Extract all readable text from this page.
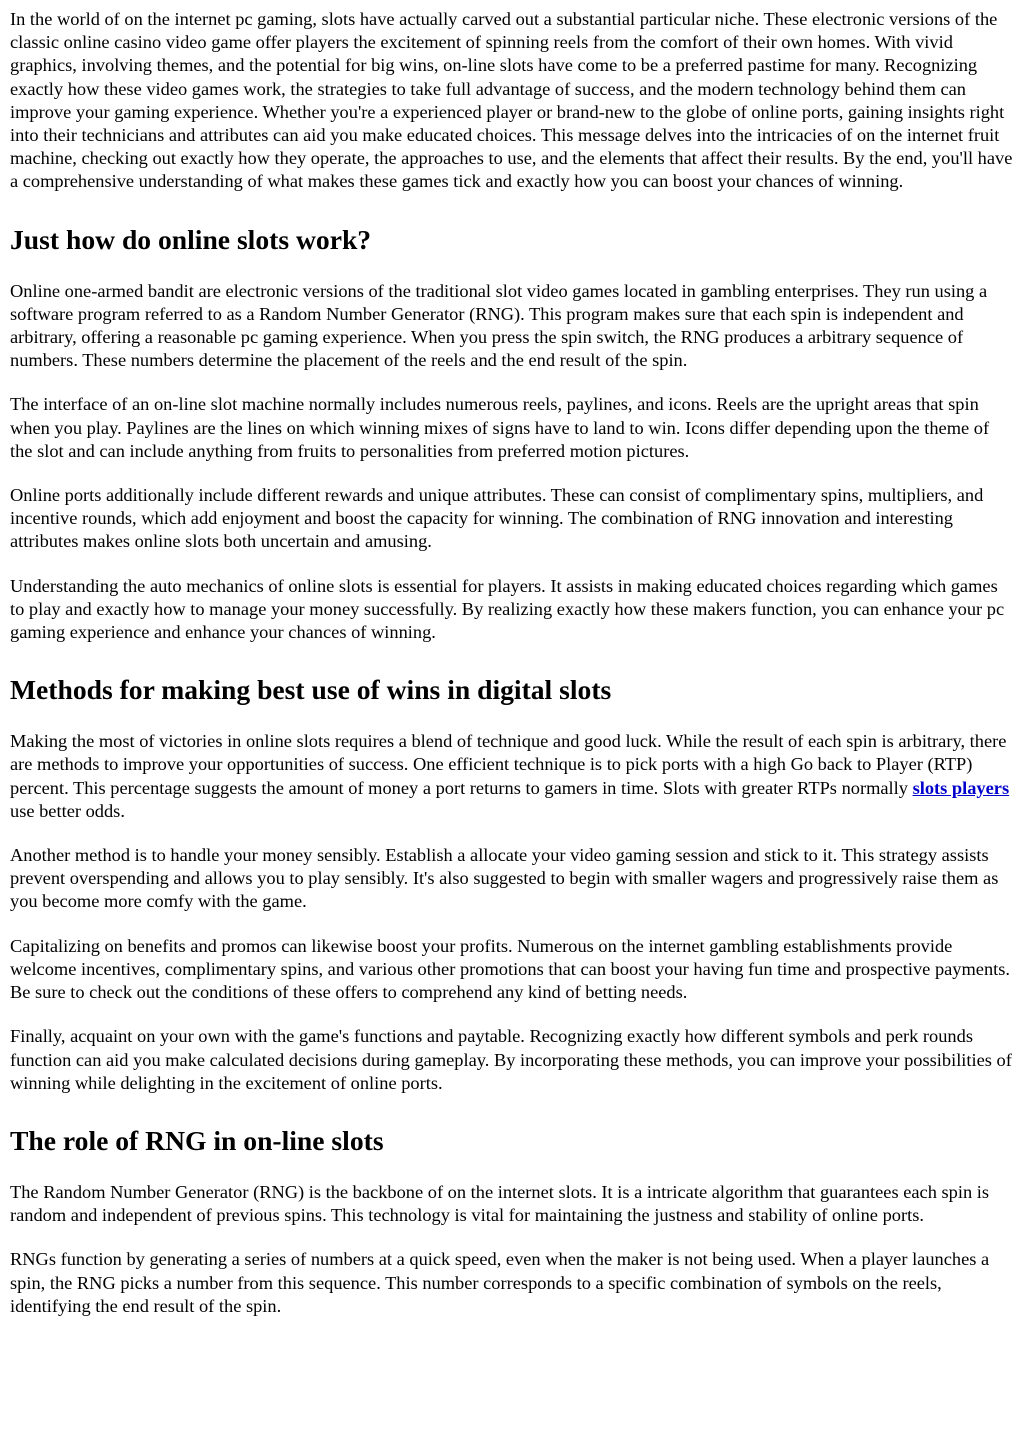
In the world of on the internet pc gaming, slots have actually carved out a substantial particular niche. These electronic versions of the classic online casino video game offer players the excitement of spinning reels from the comfort of their own homes. With vivid graphics, involving themes, and the potential for big wins, on-line slots have come to be a preferred pastime for many. Recognizing exactly how these video games work, the strategies to take full advantage of success, and the modern technology behind them can improve your gaming experience. Whether you're a experienced player or brand-new to the globe of online ports, gaining insights right into their technicians and attributes can aid you make educated choices. This message delves into the intricacies of on the internet fruit machine, checking out exactly how they operate, the approaches to use, and the elements that affect their results. By the end, you'll have a comprehensive understanding of what makes these games tick and exactly how you can boost your chances of winning.

Just how do online slots work?

Online one-armed bandit are electronic versions of the traditional slot video games located in gambling enterprises. They run using a software program referred to as a Random Number Generator (RNG). This program makes sure that each spin is independent and arbitrary, offering a reasonable pc gaming experience. When you press the spin switch, the RNG produces a arbitrary sequence of numbers. These numbers determine the placement of the reels and the end result of the spin.

The interface of an on-line slot machine normally includes numerous reels, paylines, and icons. Reels are the upright areas that spin when you play. Paylines are the lines on which winning mixes of signs have to land to win. Icons differ depending upon the theme of the slot and can include anything from fruits to personalities from preferred motion pictures.

Online ports additionally include different rewards and unique attributes. These can consist of complimentary spins, multipliers, and incentive rounds, which add enjoyment and boost the capacity for winning. The combination of RNG innovation and interesting attributes makes online slots both uncertain and amusing.

Understanding the auto mechanics of online slots is essential for players. It assists in making educated choices regarding which games to play and exactly how to manage your money successfully. By realizing exactly how these makers function, you can enhance your pc gaming experience and enhance your chances of winning.

Methods for making best use of wins in digital slots

Making the most of victories in online slots requires a blend of technique and good luck. While the result of each spin is arbitrary, there are methods to improve your opportunities of success. One efficient technique is to pick ports with a high Go back to Player (RTP) percent. This percentage suggests the amount of money a port returns to gamers in time. Slots with greater RTPs normally slots players use better odds.

Another method is to handle your money sensibly. Establish a allocate your video gaming session and stick to it. This strategy assists prevent overspending and allows you to play sensibly. It's also suggested to begin with smaller wagers and progressively raise them as you become more comfy with the game.

Capitalizing on benefits and promos can likewise boost your profits. Numerous on the internet gambling establishments provide welcome incentives, complimentary spins, and various other promotions that can boost your having fun time and prospective payments. Be sure to check out the conditions of these offers to comprehend any kind of betting needs.

Finally, acquaint on your own with the game's functions and paytable. Recognizing exactly how different symbols and perk rounds function can aid you make calculated decisions during gameplay. By incorporating these methods, you can improve your possibilities of winning while delighting in the excitement of online ports.

The role of RNG in on-line slots

The Random Number Generator (RNG) is the backbone of on the internet slots. It is a intricate algorithm that guarantees each spin is random and independent of previous spins. This technology is vital for maintaining the justness and stability of online ports.

RNGs function by generating a series of numbers at a quick speed, even when the maker is not being used. When a player launches a spin, the RNG picks a number from this sequence. This number corresponds to a specific combination of symbols on the reels, identifying the end result of the spin.
